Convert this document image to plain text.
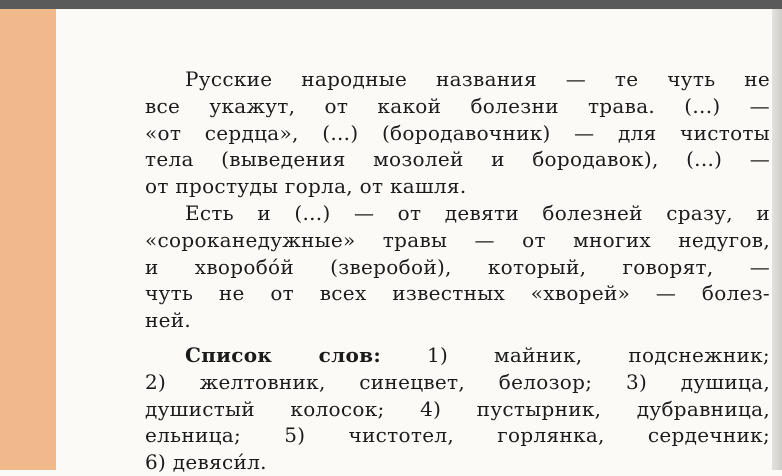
Русские народные названия — те чуть не
все укажут, от какой болезни трава. (...) —
«от сердца», (...) (бородавочник) — для чистоты
тела (выведения мозолей и бородавок), (...) —
от простуды горла, от кашля.
Есть и (...) — от девяти болезней сразу, и
«сороканедужные» травы — от многих недугов,
и хворобо́й (зверобой), который, говорят, —
чуть не от всех известных «хворей» — болез-
ней.
Список слов: 1) майник, подснежник;
2) желтовник, синецвет, белозор; 3) душица,
душистый колосок; 4) пустырник, дубравница,
ельница; 5) чистотел, горлянка, сердечник;
6) девяси́л.
